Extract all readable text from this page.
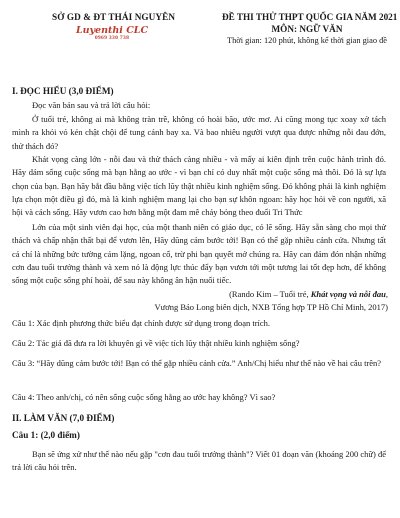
SỞ GD & ĐT THÁI NGUYÊN
Luyenthi CLC
0969 330 738
ĐỀ THI THỬ THPT QUỐC GIA NĂM 2021
MÔN: NGỮ VĂN
Thời gian: 120 phút, không kể thời gian giao đề
I. ĐỌC HIỂU (3,0 ĐIỂM)
Đọc văn bản sau và trả lời câu hỏi:
Ở tuổi trẻ, không ai mà không tràn trề, không có hoài bão, ước mơ. Ai cũng mong tục xoay xở tách mình ra khỏi vỏ kén chật chội để tung cánh bay xa. Và bao nhiêu người vượt qua được những nỗi đau đớn, thử thách đó?
Khát vọng càng lớn - nỗi đau và thử thách càng nhiều - và mấy ai kiên định trên cuộc hành trình đó. Hãy dám sống cuộc sống mà bạn hằng ao ước - vì bạn chỉ có duy nhất một cuộc sống mà thôi. Đó là sự lựa chọn của bạn. Bạn hãy bắt đầu bằng việc tích lũy thật nhiều kinh nghiệm sống. Đó không phải là kinh nghiệm lựa chọn một điều gì đó, mà là kinh nghiệm mang lại cho bạn sự khôn ngoan: hãy học hỏi về con người, xã hội và cách sống. Hãy vươn cao hơn bằng một đam mê cháy bỏng theo đuổi Tri Thức
Lớn của một sinh viên đại học, của một thanh niên có giáo dục, có lẽ sống. Hãy sẵn sàng cho mọi thử thách và chấp nhận thất bại để vươn lên, Hãy dũng cảm bước tới! Bạn có thể gặp nhiều cảnh cửa. Nhưng tất cả chỉ là những bức tường cảm lặng, ngoan cố, trừ phi bạn quyết mở chúng ra. Hãy can đảm đón nhận những cơn đau tuổi trưởng thành và xem nó là động lực thúc đẩy bạn vươn tới một tương lai tốt đẹp hơn, để không sống một cuộc sống phí hoài, để sau này không ân hận nuối tiếc.
(Rando Kim – Tuổi trẻ, Khát vọng và nỗi đau,
Vương Bảo Long biên dịch, NXB Tổng hợp TP Hồ Chí Minh, 2017)
Câu 1: Xác định phương thức biểu đạt chính được sử dụng trong đoạn trích.
Câu 2: Tác giả đã đưa ra lời khuyên gì về việc tích lũy thật nhiều kinh nghiệm sống?
Câu 3: “Hãy dũng cảm bước tới! Bạn có thể gặp nhiều cảnh cửa.” Anh/Chị hiểu như thế nào về hai câu trên?
Câu 4: Theo anh/chị, có nên sống cuộc sống hằng ao ước hay không? Vì sao?
II. LÀM VĂN (7,0 ĐIỂM)
Câu 1: (2,0 điểm)
Bạn sẽ ứng xử như thế nào nếu gặp "cơn đau tuổi trưởng thành"? Viết 01 đoạn văn (khoảng 200 chữ) để trả lời câu hỏi trên.
